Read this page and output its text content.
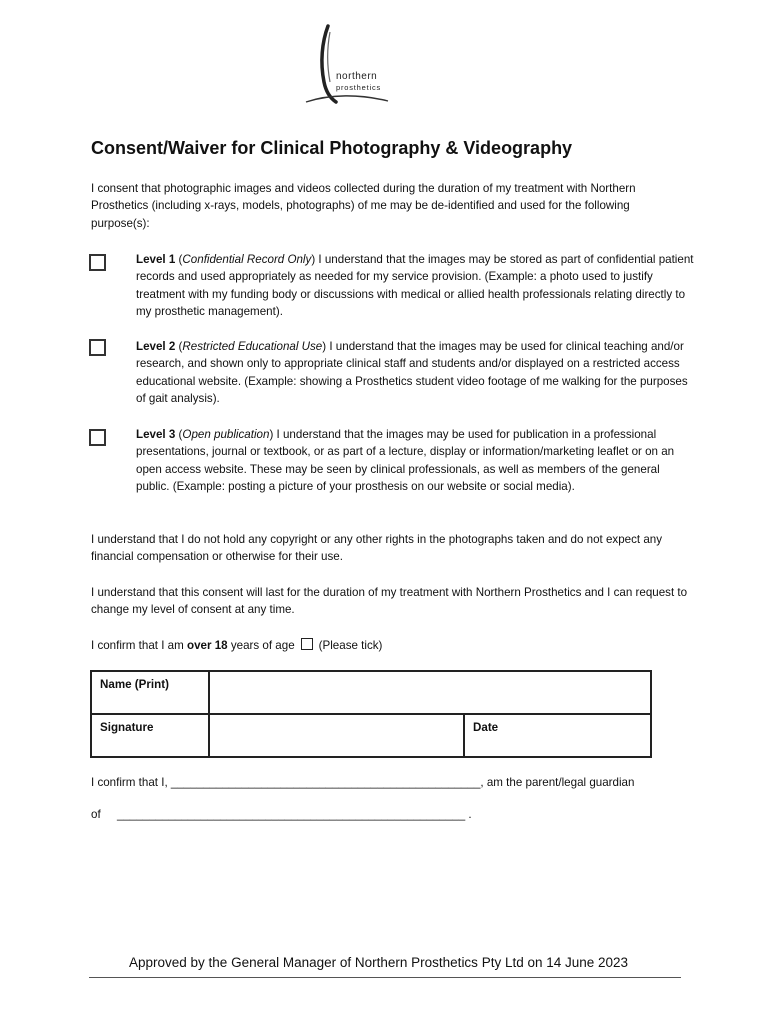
northern
prosthetics
Consent/Waiver for Clinical Photography & Videography

I consent that photographic images and videos collected during the duration of my treatment with Northern Prosthetics (including x-rays, models, photographs) of me may be de-identified and used for the following purpose(s):

Level 1 (Confidential Record Only) I understand that the images may be stored as part of confidential patient records and used appropriately as needed for my service provision. (Example: a photo used to justify treatment with my funding body or discussions with medical or allied health professionals relating directly to my prosthetic management).

Level 2 (Restricted Educational Use) I understand that the images may be used for clinical teaching and/or research, and shown only to appropriate clinical staff and students and/or displayed on a restricted access educational website. (Example: showing a Prosthetics student video footage of me walking for the purposes of gait analysis).

Level 3 (Open publication) I understand that the images may be used for publication in a professional presentations, journal or textbook, or as part of a lecture, display or information/marketing leaflet or on an open access website. These may be seen by clinical professionals, as well as members of the general public. (Example: posting a picture of your prosthesis on our website or social media).

I understand that I do not hold any copyright or any other rights in the photographs taken and do not expect any financial compensation or otherwise for their use.

I understand that this consent will last for the duration of my treatment with Northern Prosthetics and I can request to change my level of consent at any time.

I confirm that I am over 18 years of age (Please tick)

Name (Print)		
Signature		Date

I confirm that I, ________________________________________________, am the parent/legal guardian

of ______________________________________________________ .

Approved by the General Manager of Northern Prosthetics Pty Ltd on 14 June 2023
